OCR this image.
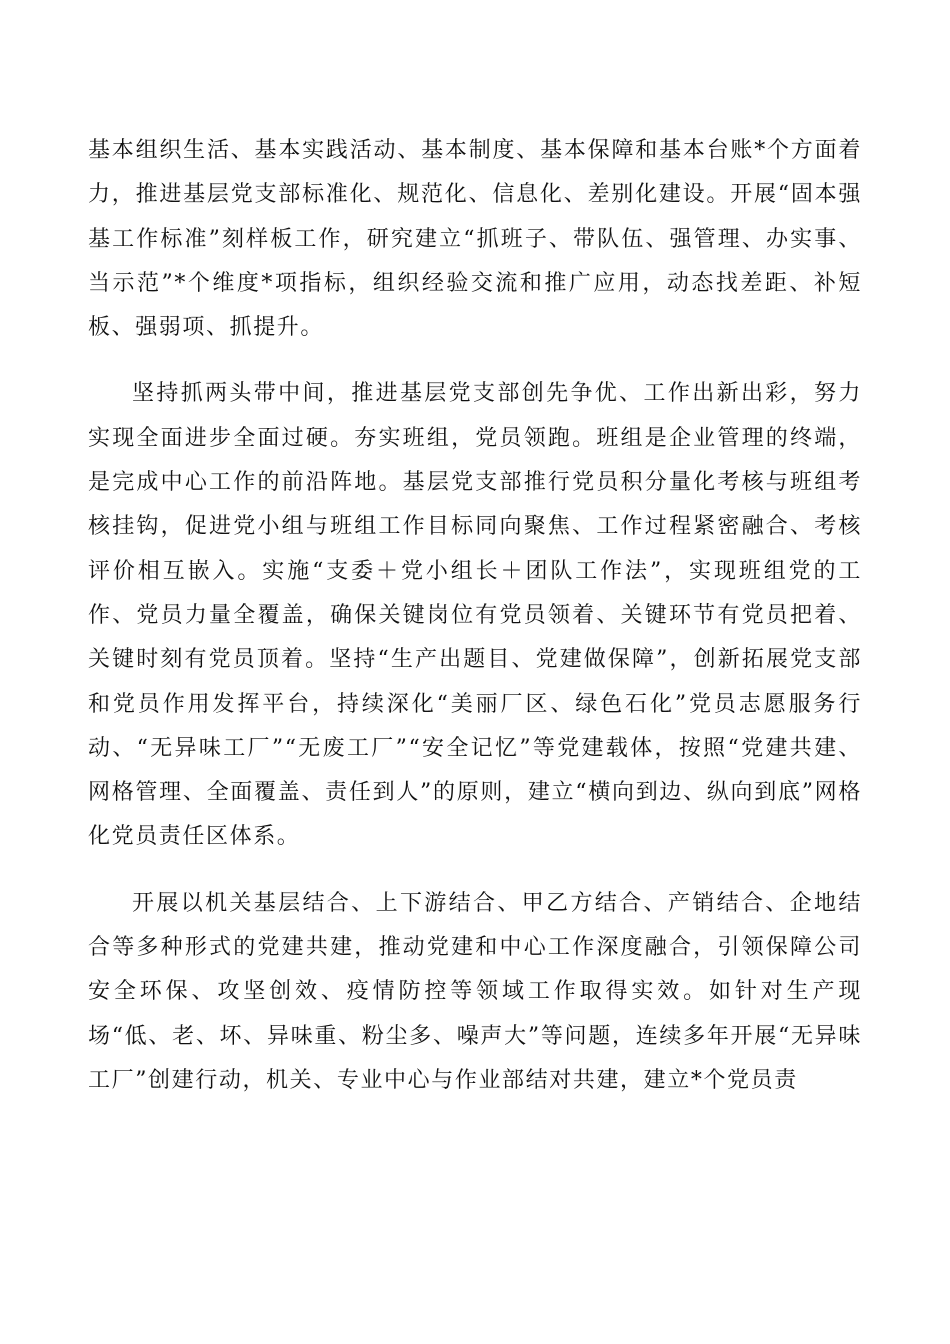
基本组织生活、基本实践活动、基本制度、基本保障和基本台账*个方面着力，推进基层党支部标准化、规范化、信息化、差别化建设。开展“固本强基工作标准”刻样板工作，研究建立“抓班子、带队伍、强管理、办实事、当示范”*个维度*项指标，组织经验交流和推广应用，动态找差距、补短板、强弱项、抓提升。

坚持抓两头带中间，推进基层党支部创先争优、工作出新出彩，努力实现全面进步全面过硬。夯实班组，党员领跑。班组是企业管理的终端，是完成中心工作的前沿阵地。基层党支部推行党员积分量化考核与班组考核挂钩，促进党小组与班组工作目标同向聚焦、工作过程紧密融合、考核评价相互嵌入。实施“支委＋党小组长＋团队工作法”，实现班组党的工作、党员力量全覆盖，确保关键岗位有党员领着、关键环节有党员把着、关键时刻有党员顶着。坚持“生产出题目、党建做保障”，创新拓展党支部和党员作用发挥平台，持续深化“美丽厂区、绿色石化”党员志愿服务行动、“无异味工厂”“无废工厂”“安全记忆”等党建载体，按照“党建共建、网格管理、全面覆盖、责任到人”的原则，建立“横向到边、纵向到底”网格化党员责任区体系。

开展以机关基层结合、上下游结合、甲乙方结合、产销结合、企地结合等多种形式的党建共建，推动党建和中心工作深度融合，引领保障公司安全环保、攻坚创效、疫情防控等领域工作取得实效。如针对生产现场“低、老、坏、异味重、粉尘多、噪声大”等问题，连续多年开展“无异味工厂”创建行动，机关、专业中心与作业部结对共建，建立*个党员责
